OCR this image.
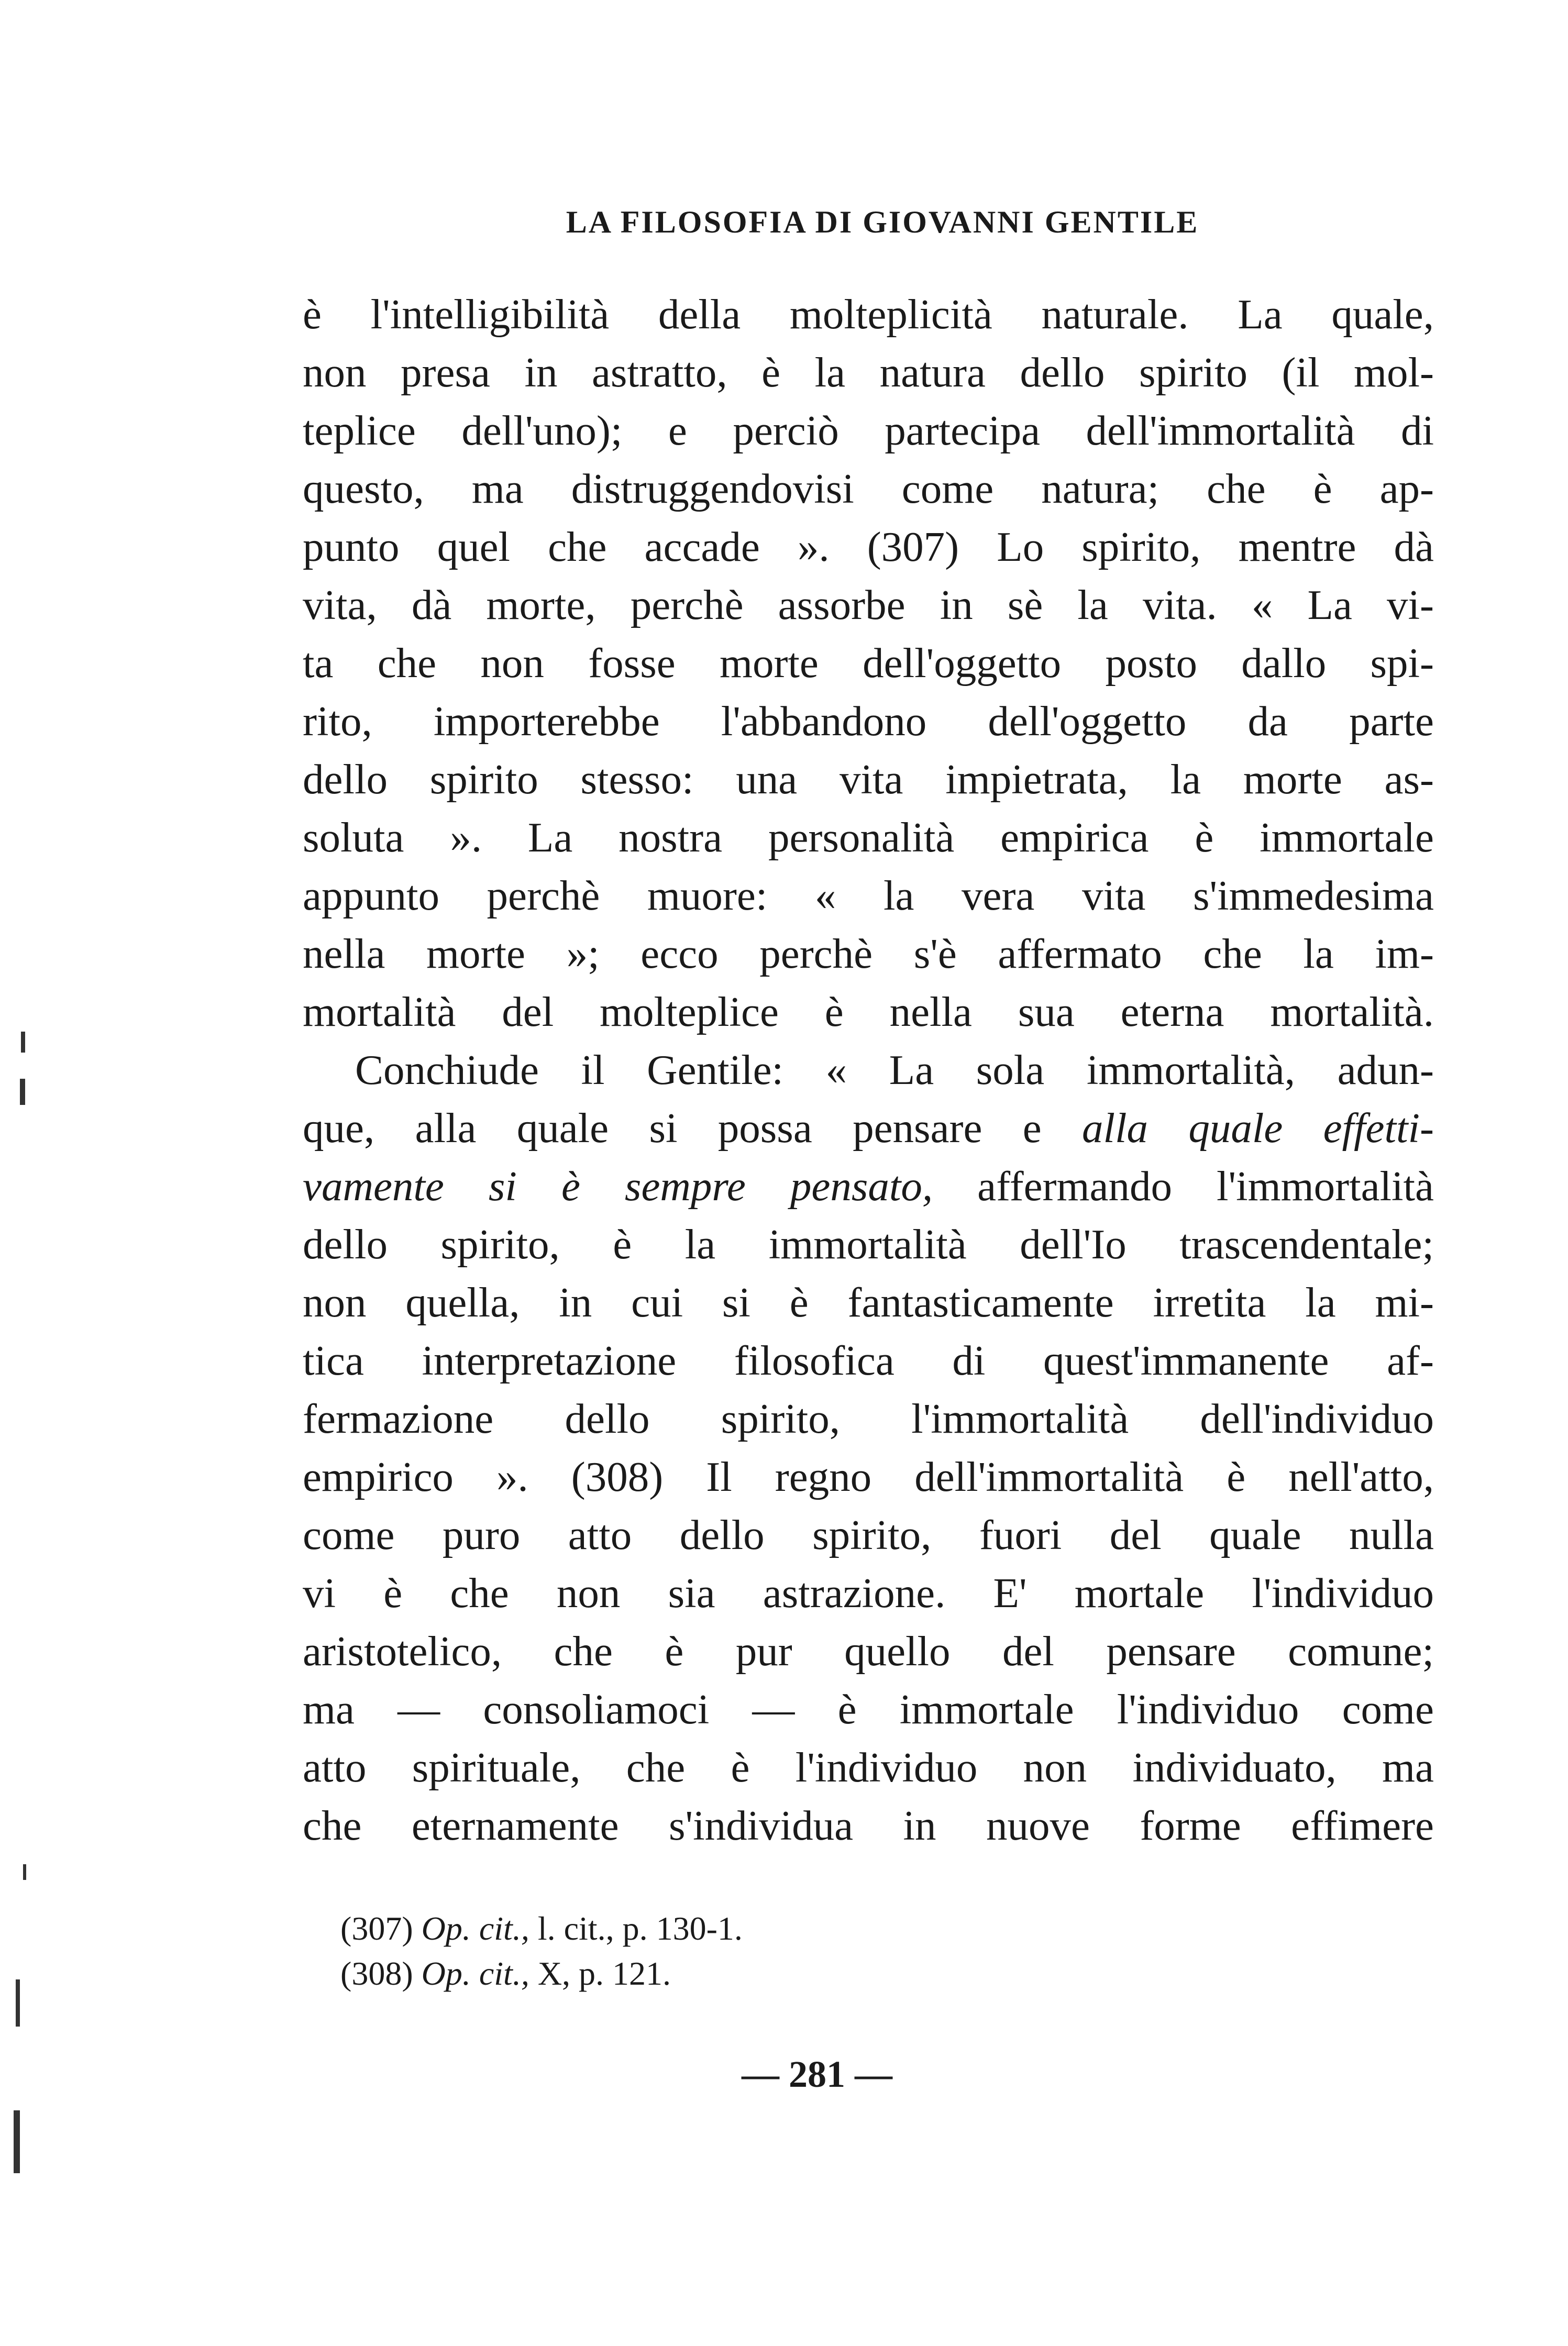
LA FILOSOFIA DI GIOVANNI GENTILE
è l'intelligibilità della molteplicità naturale. La quale,
non presa in astratto, è la natura dello spirito (il mol-
teplice dell'uno); e perciò partecipa dell'immortalità di
questo, ma distruggendovisi come natura; che è ap-
punto quel che accade ». (307) Lo spirito, mentre dà
vita, dà morte, perchè assorbe in sè la vita. « La vi-
ta che non fosse morte dell'oggetto posto dallo spi-
rito, importerebbe l'abbandono dell'oggetto da parte
dello spirito stesso: una vita impietrata, la morte as-
soluta ». La nostra personalità empirica è immortale
appunto perchè muore: « la vera vita s'immedesima
nella morte »; ecco perchè s'è affermato che la im-
mortalità del molteplice è nella sua eterna mortalità.
Conchiude il Gentile: « La sola immortalità, adun-
que, alla quale si possa pensare e alla quale effetti-
vamente si è sempre pensato, affermando l'immortalità
dello spirito, è la immortalità dell'Io trascendentale;
non quella, in cui si è fantasticamente irretita la mi-
tica interpretazione filosofica di quest'immanente af-
fermazione dello spirito, l'immortalità dell'individuo
empirico ». (308) Il regno dell'immortalità è nell'atto,
come puro atto dello spirito, fuori del quale nulla
vi è che non sia astrazione. E' mortale l'individuo
aristotelico, che è pur quello del pensare comune;
ma — consoliamoci — è immortale l'individuo come
atto spirituale, che è l'individuo non individuato, ma
che eternamente s'individua in nuove forme effimere
(307) Op. cit., l. cit., p. 130-1.
(308) Op. cit., X, p. 121.
— 281 —
